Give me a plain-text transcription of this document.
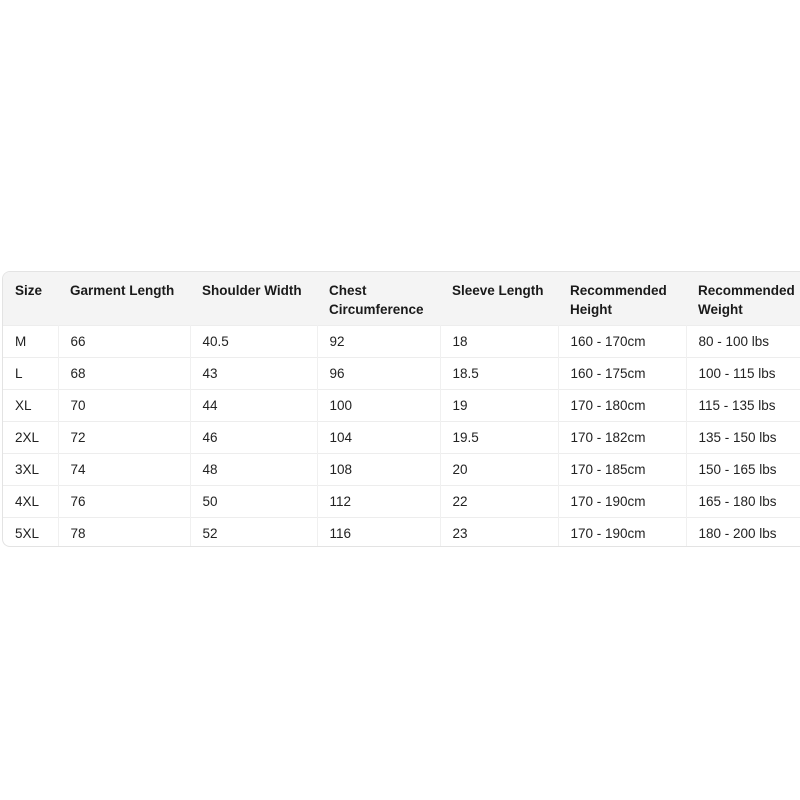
Size	Garment Length	Shoulder Width	Chest Circumference	Sleeve Length	Recommended Height	Recommended Weight
M	66	40.5	92	18	160 - 170cm	80 - 100 lbs
L	68	43	96	18.5	160 - 175cm	100 - 115 lbs
XL	70	44	100	19	170 - 180cm	115 - 135 lbs
2XL	72	46	104	19.5	170 - 182cm	135 - 150 lbs
3XL	74	48	108	20	170 - 185cm	150 - 165 lbs
4XL	76	50	112	22	170 - 190cm	165 - 180 lbs
5XL	78	52	116	23	170 - 190cm	180 - 200 lbs
